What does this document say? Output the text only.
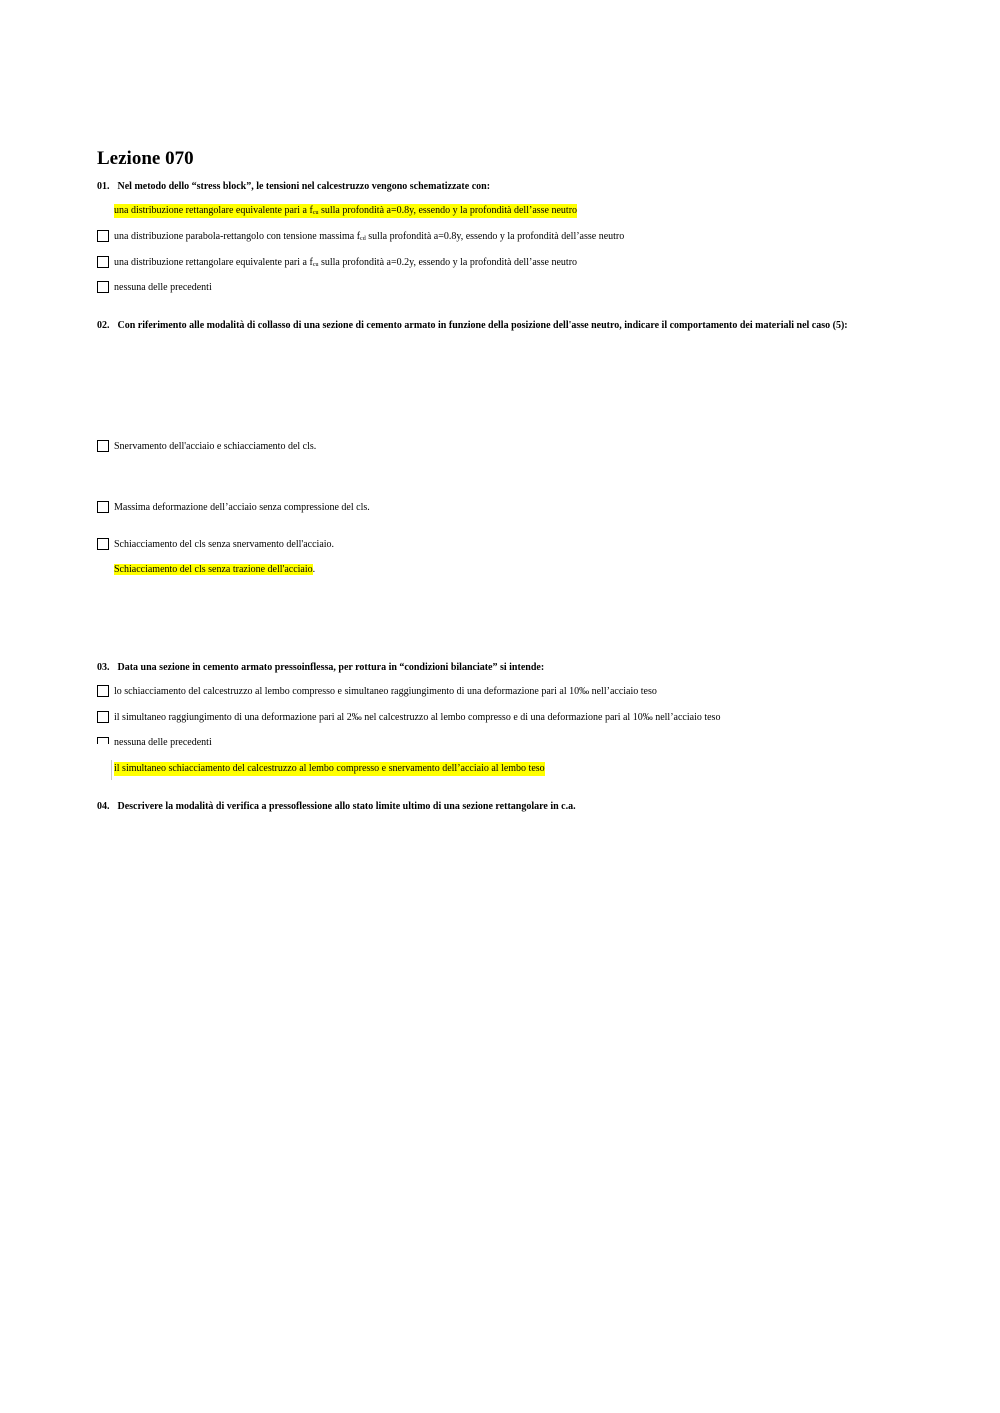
Lezione 070
01. Nel metodo dello “stress block”, le tensioni nel calcestruzzo vengono schematizzate con:
una distribuzione rettangolare equivalente pari a $f_{cu}$ sulla profondità a=0.8y, essendo y la profondità dell’asse neutro
una distribuzione parabola-rettangolo con tensione massima $f_{cd}$ sulla profondità a=0.8y, essendo y la profondità dell’asse neutro
una distribuzione rettangolare equivalente pari a $f_{cu}$ sulla profondità a=0.2y, essendo y la profondità dell’asse neutro
nessuna delle precedenti
02. Con riferimento alle modalità di collasso di una sezione di cemento armato in funzione della posizione dell'asse neutro, indicare il comportamento dei materiali nel caso (5):
Snervamento dell'acciaio e schiacciamento del cls.
Massima deformazione dell’acciaio senza compressione del cls.
Schiacciamento del cls senza snervamento dell'acciaio.
Schiacciamento del cls senza trazione dell'acciaio.
03. Data una sezione in cemento armato pressoinflessa, per rottura in “condizioni bilanciate” si intende:
lo schiacciamento del calcestruzzo al lembo compresso e simultaneo raggiungimento di una deformazione pari al 10‰ nell’acciaio teso
il simultaneo raggiungimento di una deformazione pari al 2‰ nel calcestruzzo al lembo compresso e di una deformazione pari al 10‰ nell’acciaio teso
nessuna delle precedenti
il simultaneo schiacciamento del calcestruzzo al lembo compresso e snervamento dell’acciaio al lembo teso
04. Descrivere la modalità di verifica a pressoflessione allo stato limite ultimo di una sezione rettangolare in c.a.
